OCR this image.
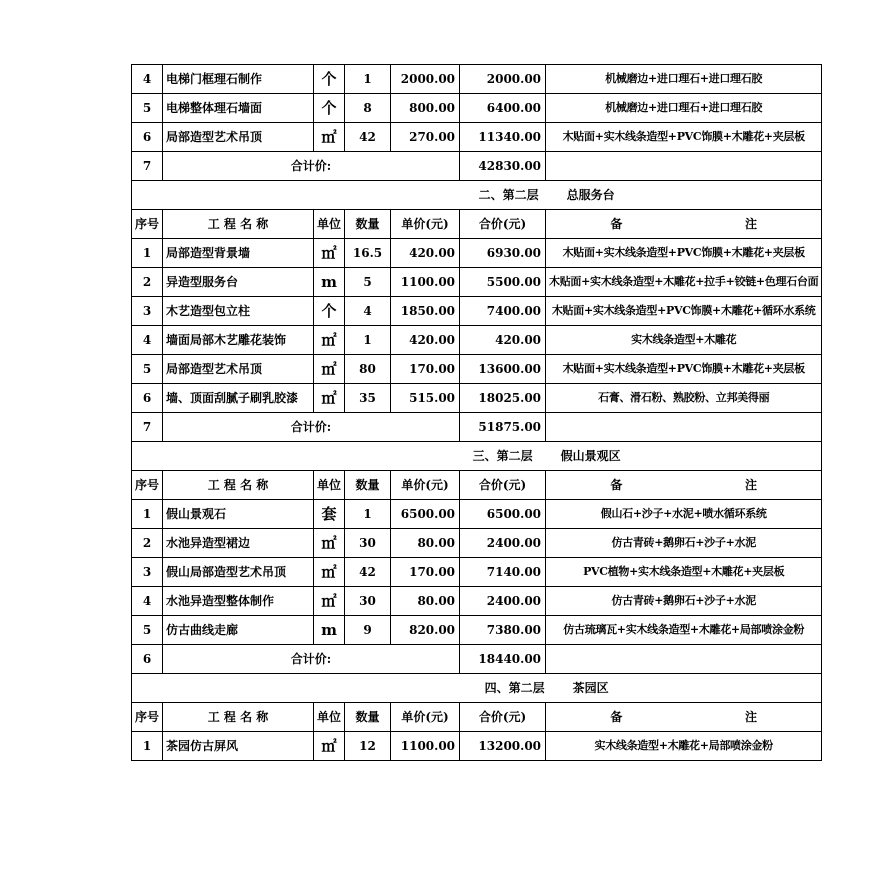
4	电梯门框理石制作	个	1	2000.00	2000.00	机械磨边+进口理石+进口理石胶
5	电梯整体理石墙面	个	8	800.00	6400.00	机械磨边+进口理石+进口理石胶
6	局部造型艺术吊顶	㎡	42	270.00	11340.00	木贴面+实木线条造型+PVC饰膜+木雕花+夹层板
7	合计价:				42830.00	
二、第二层 总服务台						
序号	工 程 名 称	单位	数量	单价(元)	合价(元)	备 注

1	局部造型背景墙	㎡	16.5	420.00	6930.00	木贴面+实木线条造型+PVC饰膜+木雕花+夹层板
2	异造型服务台	m	5	1100.00	5500.00	木贴面+实木线条造型+木雕花+拉手+铰链+色理石台面
3	木艺造型包立柱	个	4	1850.00	7400.00	木贴面+实木线条造型+PVC饰膜+木雕花+循环水系统
4	墙面局部木艺雕花装饰	㎡	1	420.00	420.00	实木线条造型+木雕花
5	局部造型艺术吊顶	㎡	80	170.00	13600.00	木贴面+实木线条造型+PVC饰膜+木雕花+夹层板
6	墙、顶面刮腻子刷乳胶漆	㎡	35	515.00	18025.00	石膏、滑石粉、熟胶粉、立邦美得丽
7	合计价:				51875.00	
三、第二层 假山景观区						
序号	工 程 名 称	单位	数量	单价(元)	合价(元)	备 注

1	假山景观石	套	1	6500.00	6500.00	假山石+沙子+水泥+喷水循环系统
2	水池异造型裙边	㎡	30	80.00	2400.00	仿古青砖+鹅卵石+沙子+水泥
3	假山局部造型艺术吊顶	㎡	42	170.00	7140.00	PVC植物+实木线条造型+木雕花+夹层板
4	水池异造型整体制作	㎡	30	80.00	2400.00	仿古青砖+鹅卵石+沙子+水泥
5	仿古曲线走廊	m	9	820.00	7380.00	仿古琉璃瓦+实木线条造型+木雕花+局部喷涂金粉
6	合计价:				18440.00	
四、第二层 茶园区						
序号	工 程 名 称	单位	数量	单价(元)	合价(元)	备 注

1	茶园仿古屏风	㎡	12	1100.00	13200.00	实木线条造型+木雕花+局部喷涂金粉
